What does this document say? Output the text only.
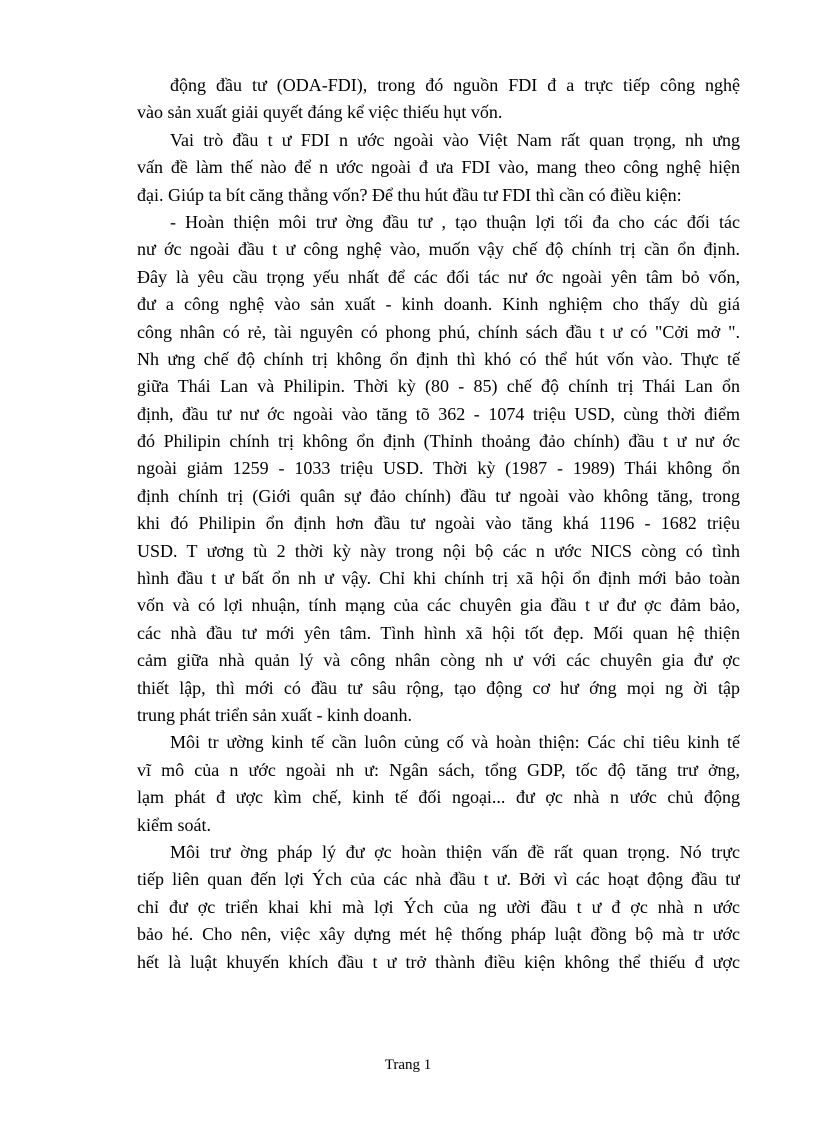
động đầu tư (ODA-FDI), trong đó nguồn FDI đ a trực tiếp công nghệ
vào sản xuất giải quyết đáng kể việc thiếu hụt vốn.
Vai trò đầu t ư FDI n ước ngoài vào Việt Nam rất quan trọng, nh ưng
vấn đề làm thế nào để n ước ngoài đ ưa FDI vào, mang theo công nghệ hiện
đại. Giúp ta bít căng thẳng vốn? Để thu hút đầu tư FDI thì cần có điều kiện:
- Hoàn thiện môi trư ờng đầu tư , tạo thuận lợi tối đa cho các đối tác
nư ớc ngoài đầu t ư công nghệ vào, muốn vậy chế độ chính trị cần ổn định.
Đây là yêu cầu trọng yếu nhất để các đối tác nư ớc ngoài yên tâm bỏ vốn,
đư a công nghệ vào sản xuất - kinh doanh. Kinh nghiệm cho thấy dù giá
công nhân có rẻ, tài nguyên có phong phú, chính sách đầu t ư có "Cởi mở ".
Nh ưng chế độ chính trị không ổn định thì khó có thể hút vốn vào. Thực tế
giữa Thái Lan và Philipin. Thời kỳ (80 - 85) chế độ chính trị Thái Lan ổn
định, đầu tư nư ớc ngoài vào tăng tõ 362 - 1074 triệu USD, cùng thời điểm
đó Philipin chính trị không ổn định (Thỉnh thoảng đảo chính) đầu t ư nư ớc
ngoài giảm 1259 - 1033 triệu USD. Thời kỳ (1987 - 1989) Thái không ổn
định chính trị (Giới quân sự đảo chính) đầu tư ngoài vào không tăng, trong
khi đó Philipin ổn định hơn đầu tư ngoài vào tăng khá 1196 - 1682 triệu
USD. T ương tù 2 thời kỳ này trong nội bộ các n ước NICS còng có tình
hình đầu t ư bất ổn nh ư vậy. Chỉ khi chính trị xã hội ổn định mới bảo toàn
vốn và có lợi nhuận, tính mạng của các chuyên gia đầu t ư đư ợc đảm bảo,
các nhà đầu tư mới yên tâm. Tình hình xã hội tốt đẹp. Mối quan hệ thiện
cảm giữa nhà quản lý và công nhân còng nh ư với các chuyên gia đư ợc
thiết lập, thì mới có đầu tư sâu rộng, tạo động cơ hư ớng mọi ng ời tập
trung phát triển sản xuất - kinh doanh.
Môi tr ường kinh tế cần luôn củng cố và hoàn thiện: Các chỉ tiêu kinh tế
vĩ mô của n ước ngoài nh ư: Ngân sách, tổng GDP, tốc độ tăng trư ởng,
lạm phát đ ược kìm chế, kinh tế đối ngoại... đư ợc nhà n ước chủ động
kiểm soát.
Môi trư ờng pháp lý đư ợc hoàn thiện vấn đề rất quan trọng. Nó trực
tiếp liên quan đến lợi Ých của các nhà đầu t ư. Bởi vì các hoạt động đầu tư
chỉ đư ợc triển khai khi mà lợi Ých của ng ười đầu t ư đ ợc nhà n ước
bảo hé. Cho nên, việc xây dựng mét hệ thống pháp luật đồng bộ mà tr ước
hết là luật khuyến khích đầu t ư trở thành điều kiện không thể thiếu đ ược
Trang 1
